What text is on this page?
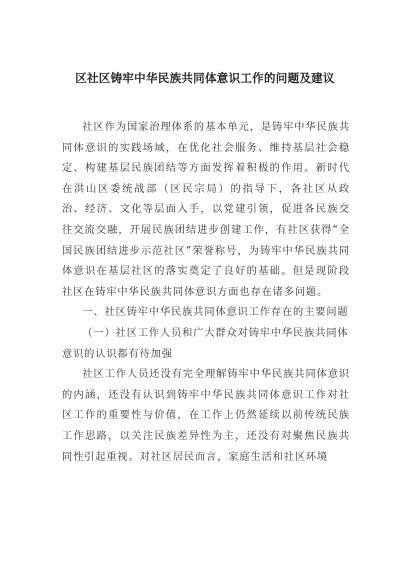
区社区铸牢中华民族共同体意识工作的问题及建议

社区作为国家治理体系的基本单元，是铸牢中华民族共同体意识的实践场域，在优化社会服务、维持基层社会稳定、构建基层民族团结等方面发挥着积极的作用。新时代在洪山区委统战部（区民宗局）的指导下，各社区从政治、经济、文化等层面入手，以党建引领，促进各民族交往交流交融，开展民族团结进步创建工作，有社区获得“全国民族团结进步示范社区”荣誉称号，为铸牢中华民族共同体意识在基层社区的落实奠定了良好的基础。但是现阶段社区在铸牢中华民族共同体意识方面也存在诸多问题。

一、社区铸牢中华民族共同体意识工作存在的主要问题

（一）社区工作人员和广大群众对铸牢中华民族共同体意识的认识都有待加强

社区工作人员还没有完全理解铸牢中华民族共同体意识的内涵，还没有认识到铸牢中华民族共同体意识工作对社区工作的重要性与价值，在工作上仍然延续以前传统民族工作思路，以关注民族差异性为主，还没有对聚焦民族共同性引起重视。对社区居民而言，家庭生活和社区环境
